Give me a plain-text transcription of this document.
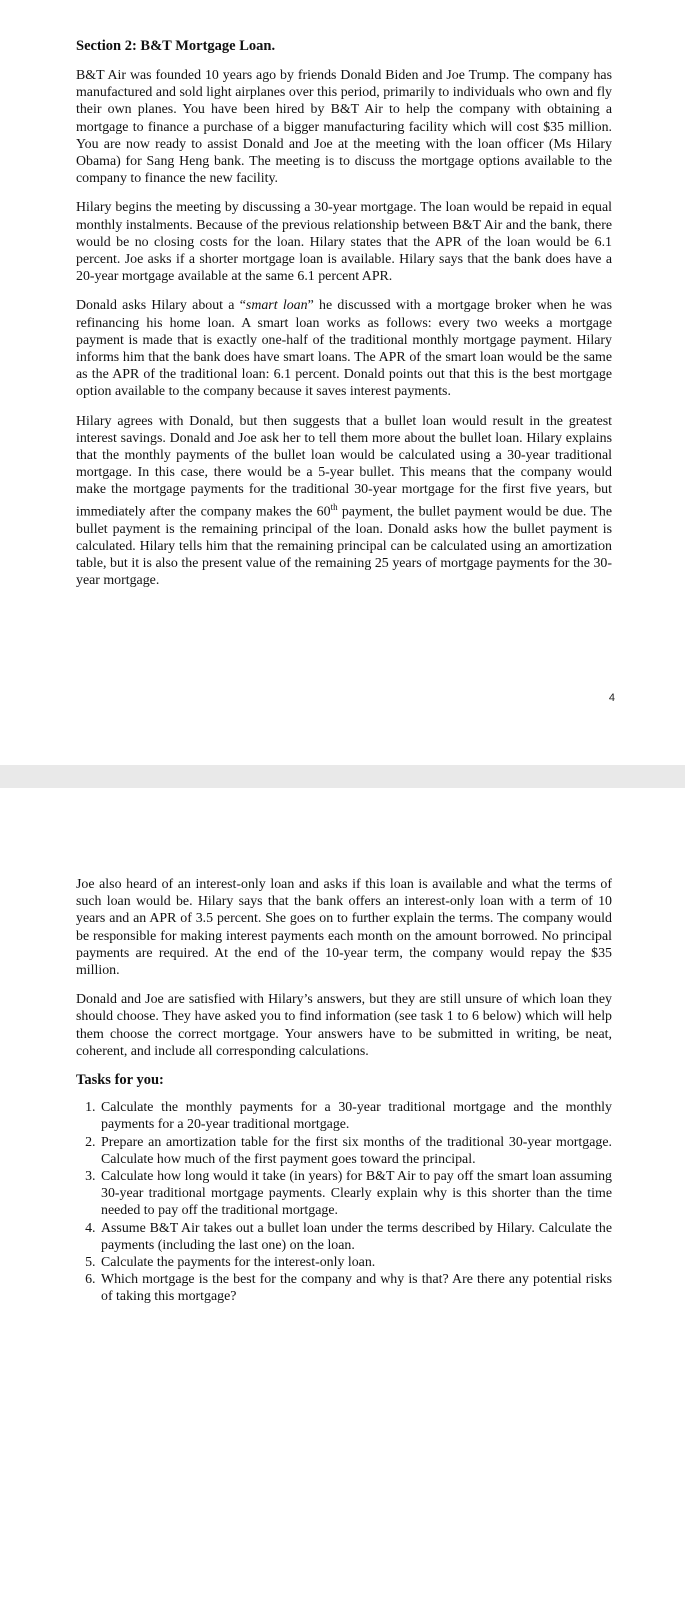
Section 2: B&T Mortgage Loan.

B&T Air was founded 10 years ago by friends Donald Biden and Joe Trump. The company has manufactured and sold light airplanes over this period, primarily to individuals who own and fly their own planes. You have been hired by B&T Air to help the company with obtaining a mortgage to finance a purchase of a bigger manufacturing facility which will cost $35 million. You are now ready to assist Donald and Joe at the meeting with the loan officer (Ms Hilary Obama) for Sang Heng bank. The meeting is to discuss the mortgage options available to the company to finance the new facility.

Hilary begins the meeting by discussing a 30-year mortgage. The loan would be repaid in equal monthly instalments. Because of the previous relationship between B&T Air and the bank, there would be no closing costs for the loan. Hilary states that the APR of the loan would be 6.1 percent. Joe asks if a shorter mortgage loan is available. Hilary says that the bank does have a 20-year mortgage available at the same 6.1 percent APR.

Donald asks Hilary about a “smart loan” he discussed with a mortgage broker when he was refinancing his home loan. A smart loan works as follows: every two weeks a mortgage payment is made that is exactly one-half of the traditional monthly mortgage payment. Hilary informs him that the bank does have smart loans. The APR of the smart loan would be the same as the APR of the traditional loan: 6.1 percent. Donald points out that this is the best mortgage option available to the company because it saves interest payments.

Hilary agrees with Donald, but then suggests that a bullet loan would result in the greatest interest savings. Donald and Joe ask her to tell them more about the bullet loan. Hilary explains that the monthly payments of the bullet loan would be calculated using a 30-year traditional mortgage. In this case, there would be a 5-year bullet. This means that the company would make the mortgage payments for the traditional 30-year mortgage for the first five years, but immediately after the company makes the 60th payment, the bullet payment would be due. The bullet payment is the remaining principal of the loan. Donald asks how the bullet payment is calculated. Hilary tells him that the remaining principal can be calculated using an amortization table, but it is also the present value of the remaining 25 years of mortgage payments for the 30-year mortgage.

4

Joe also heard of an interest-only loan and asks if this loan is available and what the terms of such loan would be. Hilary says that the bank offers an interest-only loan with a term of 10 years and an APR of 3.5 percent. She goes on to further explain the terms. The company would be responsible for making interest payments each month on the amount borrowed. No principal payments are required. At the end of the 10-year term, the company would repay the $35 million.

Donald and Joe are satisfied with Hilary’s answers, but they are still unsure of which loan they should choose. They have asked you to find information (see task 1 to 6 below) which will help them choose the correct mortgage. Your answers have to be submitted in writing, be neat, coherent, and include all corresponding calculations.

Tasks for you:
1. Calculate the monthly payments for a 30-year traditional mortgage and the monthly payments for a 20-year traditional mortgage.
2. Prepare an amortization table for the first six months of the traditional 30-year mortgage. Calculate how much of the first payment goes toward the principal.
3. Calculate how long would it take (in years) for B&T Air to pay off the smart loan assuming 30-year traditional mortgage payments. Clearly explain why is this shorter than the time needed to pay off the traditional mortgage.
4. Assume B&T Air takes out a bullet loan under the terms described by Hilary. Calculate the payments (including the last one) on the loan.
5. Calculate the payments for the interest-only loan.
6. Which mortgage is the best for the company and why is that? Are there any potential risks of taking this mortgage?
